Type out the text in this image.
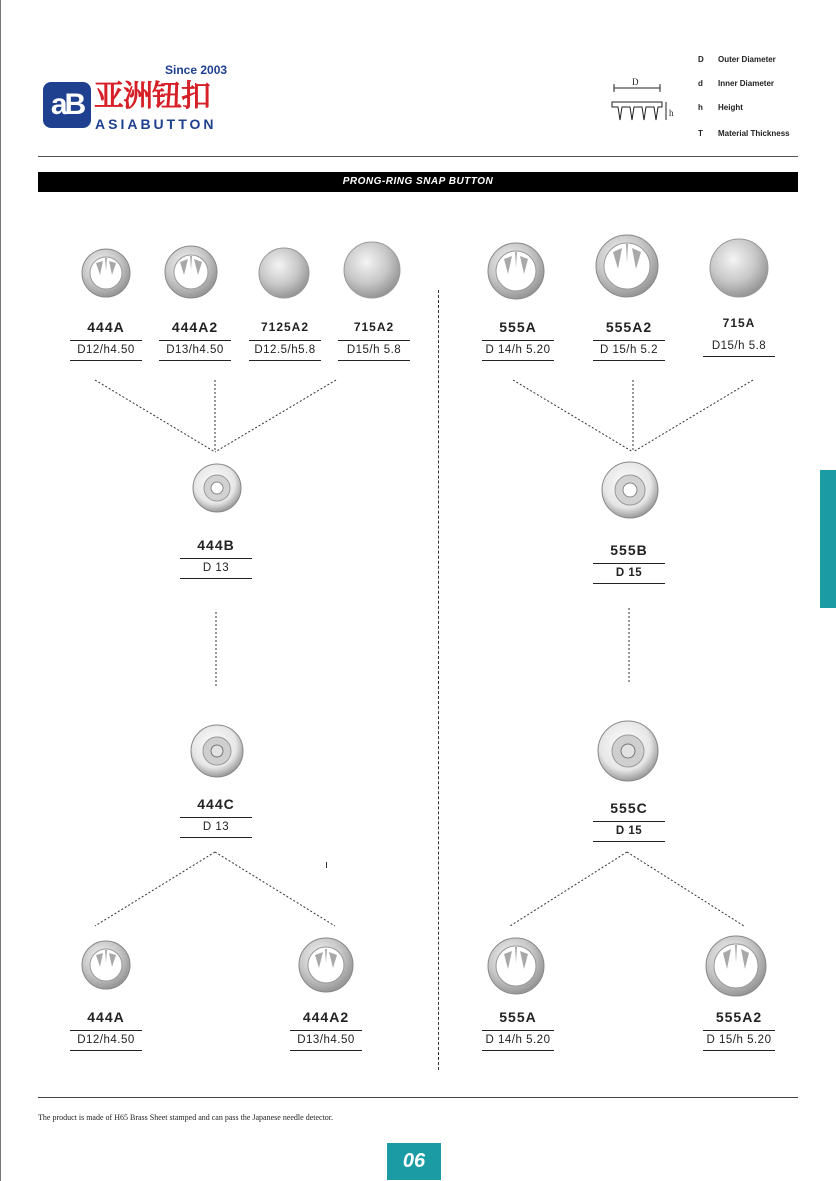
aB
Since 2003
亚洲钮扣
ASIABUTTON
D
h
D Outer Diameter
d Inner Diameter
h Height
T Material Thickness
PRONG-RING SNAP BUTTON
444A
D12/h4.50
444A2
D13/h4.50
7125A2
D12.5/h5.8
715A2
D15/h 5.8
444B
D 13
444C
D 13
444A
D12/h4.50
444A2
D13/h4.50
555A
D 14/h 5.20
555A2
D 15/h 5.2
715A
D15/h 5.8
555B
D 15
555C
D 15
555A
D 14/h 5.20
555A2
D 15/h 5.20
The product is made of H65 Brass Sheet stamped and can pass the Japanese needle detector.
06
